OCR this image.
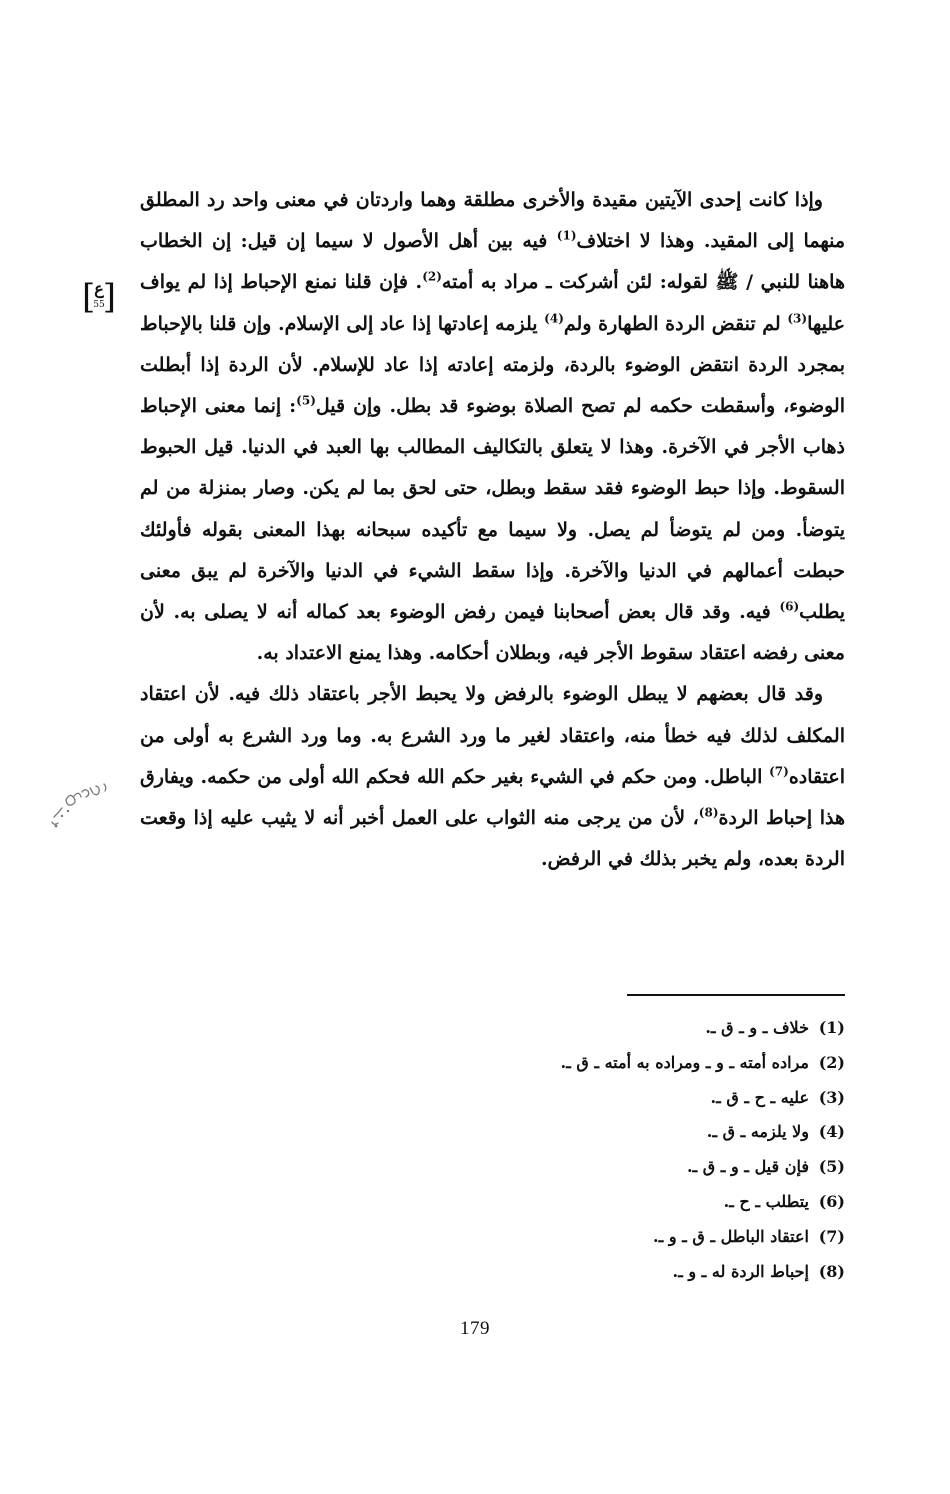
وإذا كانت إحدى الآيتين مقيدة والأخرى مطلقة وهما واردتان في معنى واحد رد المطلق منهما إلى المقيد. وهذا لا اختلاف$^{(1)}$ فيه بين أهل الأصول لا سيما إن قيل: إن الخطاب هاهنا للنبي / ﷺ لقوله: لئن أشركت ـ مراد به أمته$^{(2)}$. فإن قلنا نمنع الإحباط إذا لم يواف عليها$^{(3)}$ لم تنقض الردة الطهارة ولم$^{(4)}$ يلزمه إعادتها إذا عاد إلى الإسلام. وإن قلنا بالإحباط بمجرد الردة انتقض الوضوء بالردة، ولزمته إعادته إذا عاد للإسلام. لأن الردة إذا أبطلت الوضوء، وأسقطت حكمه لم تصح الصلاة بوضوء قد بطل. وإن قيل$^{(5)}$: إنما معنى الإحباط ذهاب الأجر في الآخرة. وهذا لا يتعلق بالتكاليف المطالب بها العبد في الدنيا. قيل الحبوط السقوط. وإذا حبط الوضوء فقد سقط وبطل، حتى لحق بما لم يكن. وصار بمنزلة من لم يتوضأ. ومن لم يتوضأ لم يصل. ولا سيما مع تأكيده سبحانه بهذا المعنى بقوله فأولئك حبطت أعمالهم في الدنيا والآخرة. وإذا سقط الشيء في الدنيا والآخرة لم يبق معنى يطلب$^{(6)}$ فيه. وقد قال بعض أصحابنا فيمن رفض الوضوء بعد كماله أنه لا يصلى به. لأن معنى رفضه اعتقاد سقوط الأجر فيه، وبطلان أحكامه. وهذا يمنع الاعتداد به.

وقد قال بعضهم لا يبطل الوضوء بالرفض ولا يحبط الأجر باعتقاد ذلك فيه. لأن اعتقاد المكلف لذلك فيه خطأ منه، واعتقاد لغير ما ورد الشرع به. وما ورد الشرع به أولى من اعتقاده$^{(7)}$ الباطل. ومن حكم في الشيء بغير حكم الله فحكم الله أولى من حكمه. ويفارق هذا إحباط الردة$^{(8)}$، لأن من يرجى منه الثواب على العمل أخبر أنه لا يثيب عليه إذا وقعت الردة بعده، ولم يخبر بذلك في الرفض.

[
ع
55
]
(1)خلاف ـ و ـ ق ـ.
(2)مراده أمته ـ و ـ ومراده به أمته ـ ق ـ.
(3)عليه ـ ح ـ ق ـ.
(4)ولا يلزمه ـ ق ـ.
(5)فإن قيل ـ و ـ ق ـ.
(6)يتطلب ـ ح ـ.
(7)اعتقاد الباطل ـ ق ـ و ـ.
(8)إحباط الردة له ـ و ـ.
179
